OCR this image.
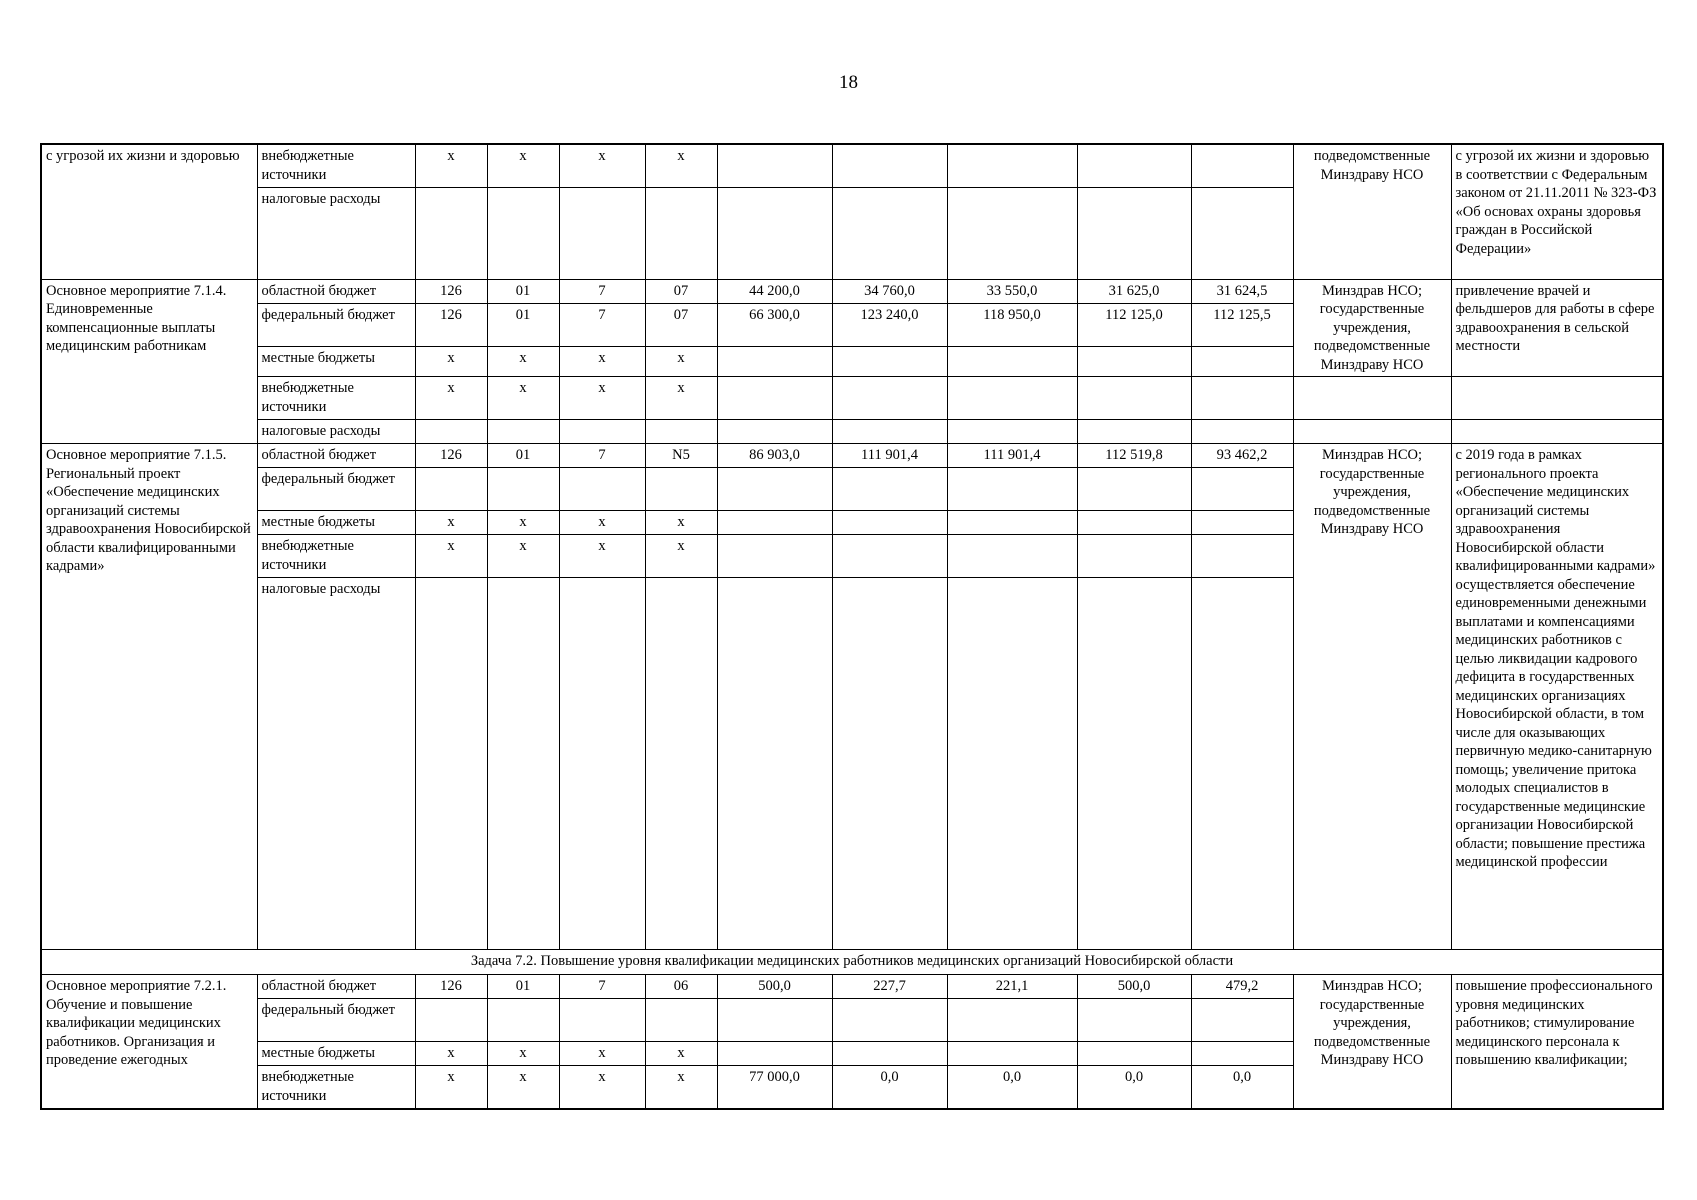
18
с угрозой их жизни и здоровью	внебюджетные источники	х	х	х	х						подведомственные Минздраву НСО	с угрозой их жизни и здоровью в соответствии с Федеральным законом от 21.11.2011 № 323-ФЗ «Об основах охраны здоровья граждан в Российской Федерации»
	налоговые расходы											
Основное мероприятие 7.1.4. Единовременные компенсационные выплаты медицинским работникам	областной бюджет	126	01	7	07	44 200,0	34 760,0	33 550,0	31 625,0	31 624,5	Минздрав НСО; государственные учреждения, подведомственные Минздраву НСО	привлечение врачей и фельдшеров для работы в сфере здравоохранения в сельской местности
	федеральный бюджет	126	01	7	07	66 300,0	123 240,0	118 950,0	112 125,0	112 125,5		
	местные бюджеты	х	х	х	х							
	внебюджетные источники	х	х	х	х							
	налоговые расходы											
Основное мероприятие 7.1.5. Региональный проект «Обеспечение медицинских организаций системы здравоохранения Новосибирской области квалифицированными кадрами»	областной бюджет	126	01	7	N5	86 903,0	111 901,4	111 901,4	112 519,8	93 462,2	Минздрав НСО; государственные учреждения, подведомственные Минздраву НСО	с 2019 года в рамках регионального проекта «Обеспечение медицинских организаций системы здравоохранения Новосибирской области квалифицированными кадрами» осуществляется обеспечение единовременными денежными выплатами и компенсациями медицинских работников с целью ликвидации кадрового дефицита в государственных медицинских организациях Новосибирской области, в том числе для оказывающих первичную медико-санитарную помощь; увеличение притока молодых специалистов в государственные медицинские организации Новосибирской области; повышение престижа медицинской профессии
	федеральный бюджет											
	местные бюджеты	х	х	х	х							
	внебюджетные источники	х	х	х	х							
	налоговые расходы											
Задача 7.2. Повышение уровня квалификации медицинских работников медицинских организаций Новосибирской области												
Основное мероприятие 7.2.1. Обучение и повышение квалификации медицинских работников. Организация и проведение ежегодных	областной бюджет	126	01	7	06	500,0	227,7	221,1	500,0	479,2	Минздрав НСО; государственные учреждения, подведомственные Минздраву НСО	повышение профессионального уровня медицинских работников; стимулирование медицинского персонала к повышению квалификации;
	федеральный бюджет											
	местные бюджеты	х	х	х	х							
	внебюджетные источники	х	х	х	х	77 000,0	0,0	0,0	0,0	0,0		
